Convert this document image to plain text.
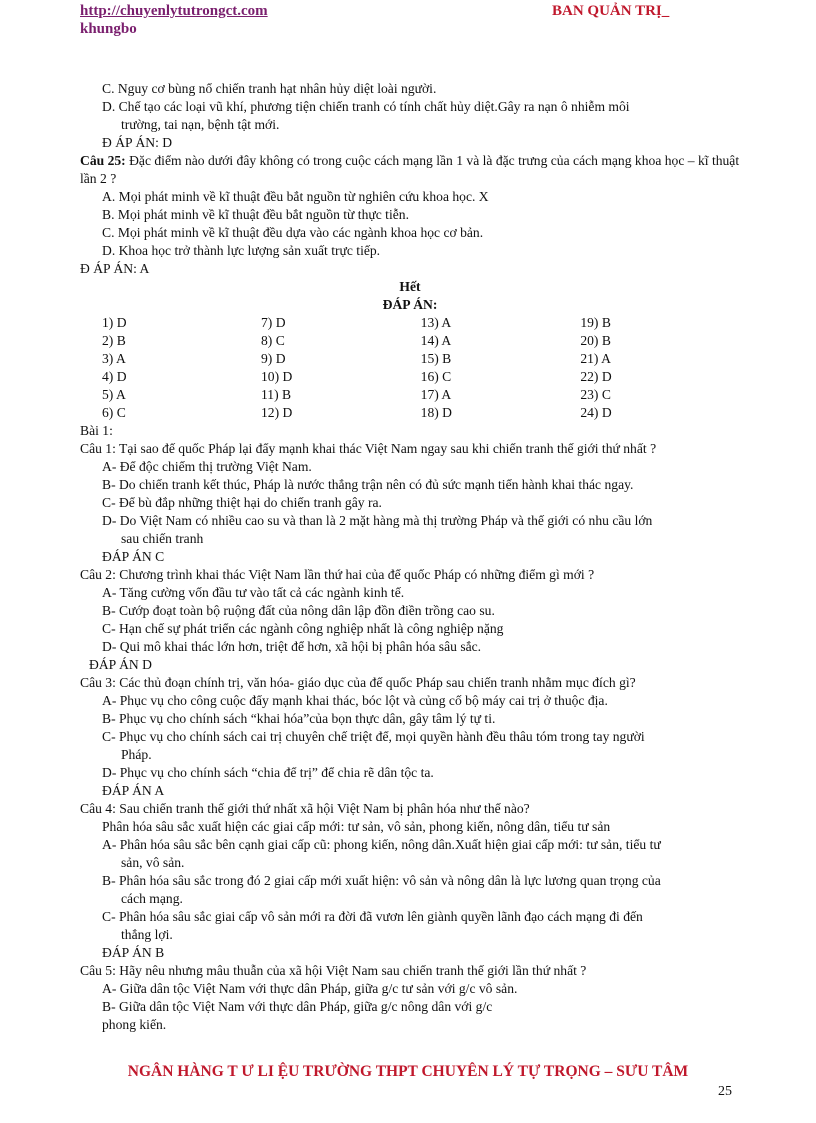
http://chuyenlytutrongct.com
khungbo
BAN QUẢN TRỊ_

C. Nguy cơ bùng nổ chiến tranh hạt nhân hủy diệt loài người.

D. Chế tạo các loại vũ khí, phương tiện chiến tranh có tính chất hủy diệt.Gây ra nạn ô nhiễm môi

trường, tai nạn, bệnh tật mới.

Đ ÁP ÁN: D

Câu 25: Đặc điểm nào dưới đây không có trong cuộc cách mạng lần 1 và là đặc trưng của cách mạng khoa học – kĩ thuật lần 2 ?

A. Mọi phát minh về kĩ thuật đều bắt nguồn từ nghiên cứu khoa học. X

B. Mọi phát minh về kĩ thuật đều bắt nguồn từ thực tiễn.

C. Mọi phát minh về kĩ thuật đều dựa vào các ngành khoa học cơ bản.

D. Khoa học trở thành lực lượng sản xuất trực tiếp.

Đ ÁP ÁN: A

Hết

ĐÁP ÁN:

1) D	7) D	13) A	19) B
2) B	8) C	14) A	20) B
3) A	9) D	15) B	21) A
4) D	10) D	16) C	22) D
5) A	11) B	17) A	23) C
6) C	12) D	18) D	24) D

Bài 1:

Câu 1: Tại sao đế quốc Pháp lại đẩy mạnh khai thác Việt Nam ngay sau khi chiến tranh thế giới thứ nhất ?

A- Để độc chiếm thị trường Việt Nam.

B- Do chiến tranh kết thúc, Pháp là nước thắng trận nên có đủ sức mạnh tiến hành khai thác ngay.

C- Để bù đắp những thiệt hại do chiến tranh gây ra.

D- Do Việt Nam có nhiều cao su và than là 2 mặt hàng mà thị trường Pháp và thế giới có nhu cầu lớn

sau chiến tranh

ĐÁP ÁN C

Câu 2: Chương trình khai thác Việt Nam lần thứ hai của đế quốc Pháp có những điểm gì mới ?

A- Tăng cường vốn đầu tư vào tất cả các ngành kinh tế.

B- Cướp đoạt toàn bộ ruộng đất của nông dân lập đồn điền trồng cao su.

C- Hạn chế sự phát triển các ngành công nghiệp nhất là công nghiệp nặng

D- Qui mô khai thác lớn hơn, triệt để hơn, xã hội bị phân hóa sâu sắc.

ĐÁP ÁN D

Câu 3: Các thủ đoạn chính trị, văn hóa- giáo dục của đế quốc Pháp sau chiến tranh nhằm mục đích gì?

A- Phục vụ cho công cuộc đẩy mạnh khai thác, bóc lột và củng cố bộ máy cai trị ở thuộc địa.

B- Phục vụ cho chính sách “khai hóa”của bọn thực dân, gây tâm lý tự ti.

C- Phục vụ cho chính sách cai trị chuyên chế triệt để, mọi quyền hành đều thâu tóm trong tay người

Pháp.

D- Phục vụ cho chính sách “chia để trị” để chia rẽ dân tộc ta.

ĐÁP ÁN A

Câu 4: Sau chiến tranh thế giới thứ nhất xã hội Việt Nam bị phân hóa như thế nào?

Phân hóa sâu sắc xuất hiện các giai cấp mới: tư sản, vô sản, phong kiến, nông dân, tiểu tư sản

A- Phân hóa sâu sắc bên cạnh giai cấp cũ: phong kiến, nông dân.Xuất hiện giai cấp mới: tư sản, tiểu tư

sản, vô sản.

B- Phân hóa sâu sắc trong đó 2 giai cấp mới xuất hiện: vô sản và nông dân là lực lương quan trọng của

cách mạng.

C- Phân hóa sâu sắc giai cấp vô sản mới ra đời đã vươn lên giành quyền lãnh đạo cách mạng đi đến

thắng lợi.

ĐÁP ÁN B

Câu 5: Hãy nêu nhưng mâu thuẫn của xã hội Việt Nam sau chiến tranh thế giới lần thứ nhất ?

A- Giữa dân tộc Việt Nam với thực dân Pháp, giữa g/c tư sản với g/c vô sản.

B- Giữa dân tộc Việt Nam với thực dân Pháp, giữa g/c nông dân với g/c

phong kiến.

NGÂN HÀNG T Ư LI ỆU TRƯỜNG THPT CHUYÊN LÝ TỰ TRỌNG – SƯU TÂM
25
